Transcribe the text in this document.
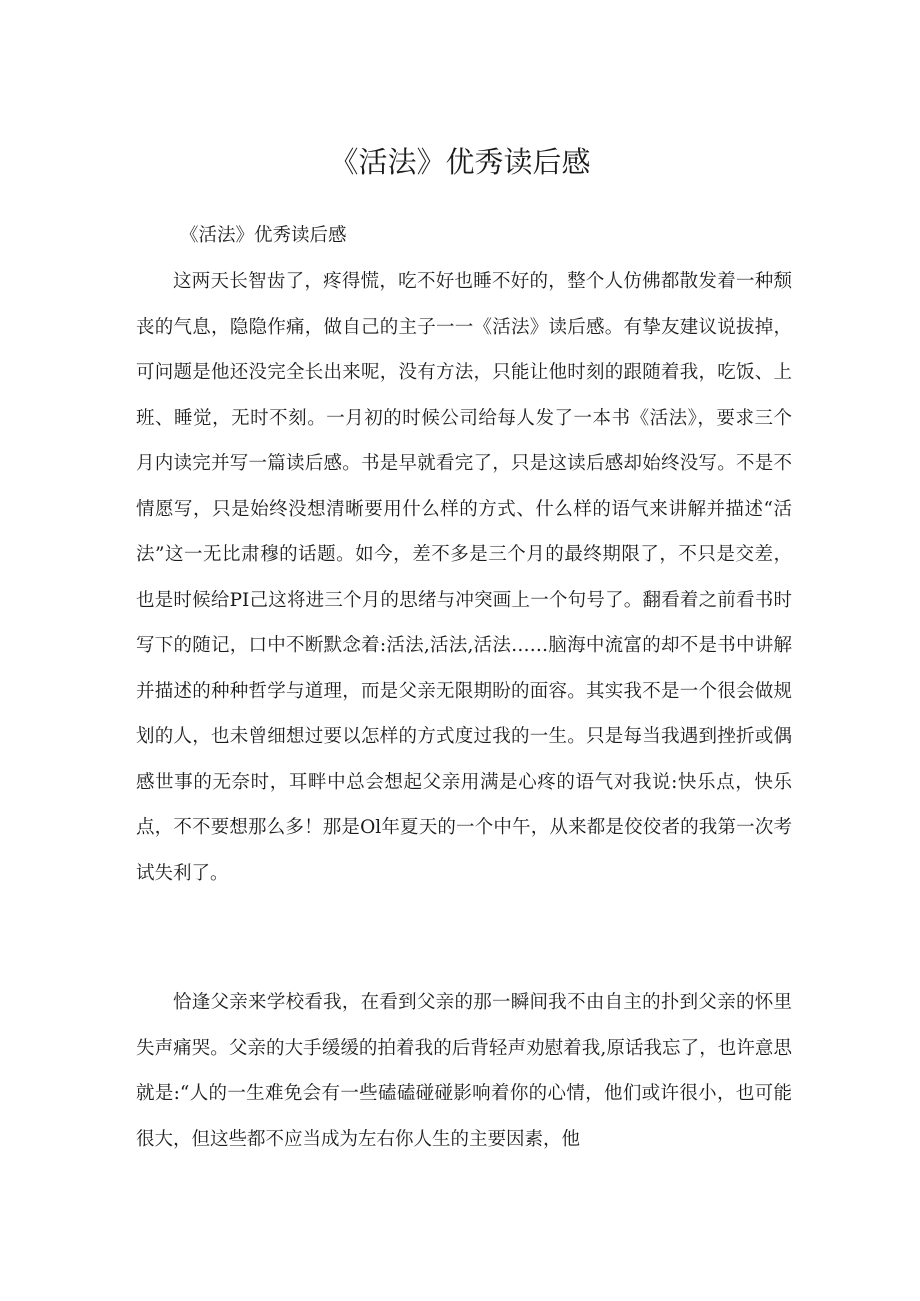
《活法》优秀读后感

《活法》优秀读后感

这两天长智齿了，疼得慌，吃不好也睡不好的，整个人仿佛都散发着一种颓丧的气息，隐隐作痛，做自己的主子一一《活法》读后感。有挚友建议说拔掉，可问题是他还没完全长出来呢，没有方法，只能让他时刻的跟随着我，吃饭、上班、睡觉，无时不刻。一月初的时候公司给每人发了一本书《活法》，要求三个月内读完并写一篇读后感。书是早就看完了，只是这读后感却始终没写。不是不情愿写，只是始终没想清晰要用什么样的方式、什么样的语气来讲解并描述“活法”这一无比肃穆的话题。如今，差不多是三个月的最终期限了，不只是交差，也是时候给PI己这将进三个月的思绪与冲突画上一个句号了。翻看着之前看书时写下的随记，口中不断默念着:活法,活法,活法……脑海中流富的却不是书中讲解并描述的种种哲学与道理，而是父亲无限期盼的面容。其实我不是一个很会做规划的人，也未曾细想过要以怎样的方式度过我的一生。只是每当我遇到挫折或偶感世事的无奈时，耳畔中总会想起父亲用满是心疼的语气对我说:快乐点，快乐点，不不要想那么多！那是Ol年夏天的一个中午，从来都是佼佼者的我第一次考试失利了。

恰逢父亲来学校看我，在看到父亲的那一瞬间我不由自主的扑到父亲的怀里失声痛哭。父亲的大手缓缓的拍着我的后背轻声劝慰着我,原话我忘了，也许意思就是:“人的一生难免会有一些磕磕碰碰影响着你的心情，他们或许很小，也可能很大，但这些都不应当成为左右你人生的主要因素，他
